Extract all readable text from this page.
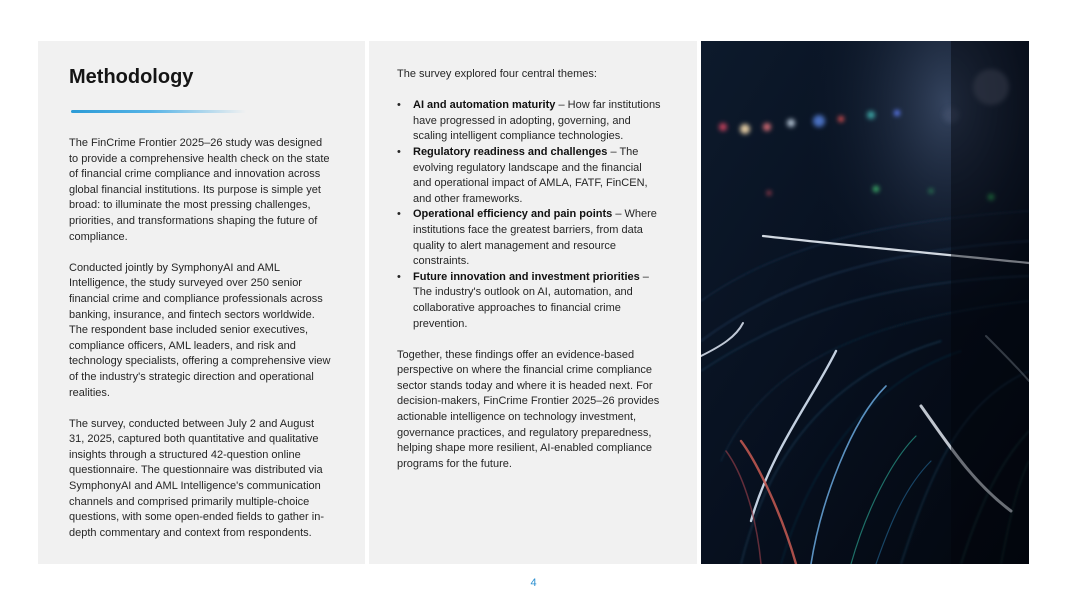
Methodology

The FinCrime Frontier 2025–26 study was designed to provide a comprehensive health check on the state of financial crime compliance and innovation across global financial institutions. Its purpose is simple yet broad: to illuminate the most pressing challenges, priorities, and transformations shaping the future of compliance.

Conducted jointly by SymphonyAI and AML Intelligence, the study surveyed over 250 senior financial crime and compliance professionals across banking, insurance, and fintech sectors worldwide. The respondent base included senior executives, compliance officers, AML leaders, and risk and technology specialists, offering a comprehensive view of the industry's strategic direction and operational realities.

The survey, conducted between July 2 and August 31, 2025, captured both quantitative and qualitative insights through a structured 42-question online questionnaire. The questionnaire was distributed via SymphonyAI and AML Intelligence's communication channels and comprised primarily multiple-choice questions, with some open-ended fields to gather in-depth commentary and context from respondents.

The survey explored four central themes:

• AI and automation maturity – How far institutions have progressed in adopting, governing, and scaling intelligent compliance technologies.
• Regulatory readiness and challenges – The evolving regulatory landscape and the financial and operational impact of AMLA, FATF, FinCEN, and other frameworks.
• Operational efficiency and pain points – Where institutions face the greatest barriers, from data quality to alert management and resource constraints.
• Future innovation and investment priorities – The industry's outlook on AI, automation, and collaborative approaches to financial crime prevention.

Together, these findings offer an evidence-based perspective on where the financial crime compliance sector stands today and where it is headed next. For decision-makers, FinCrime Frontier 2025–26 provides actionable intelligence on technology investment, governance practices, and regulatory preparedness, helping shape more resilient, AI-enabled compliance programs for the future.

4
